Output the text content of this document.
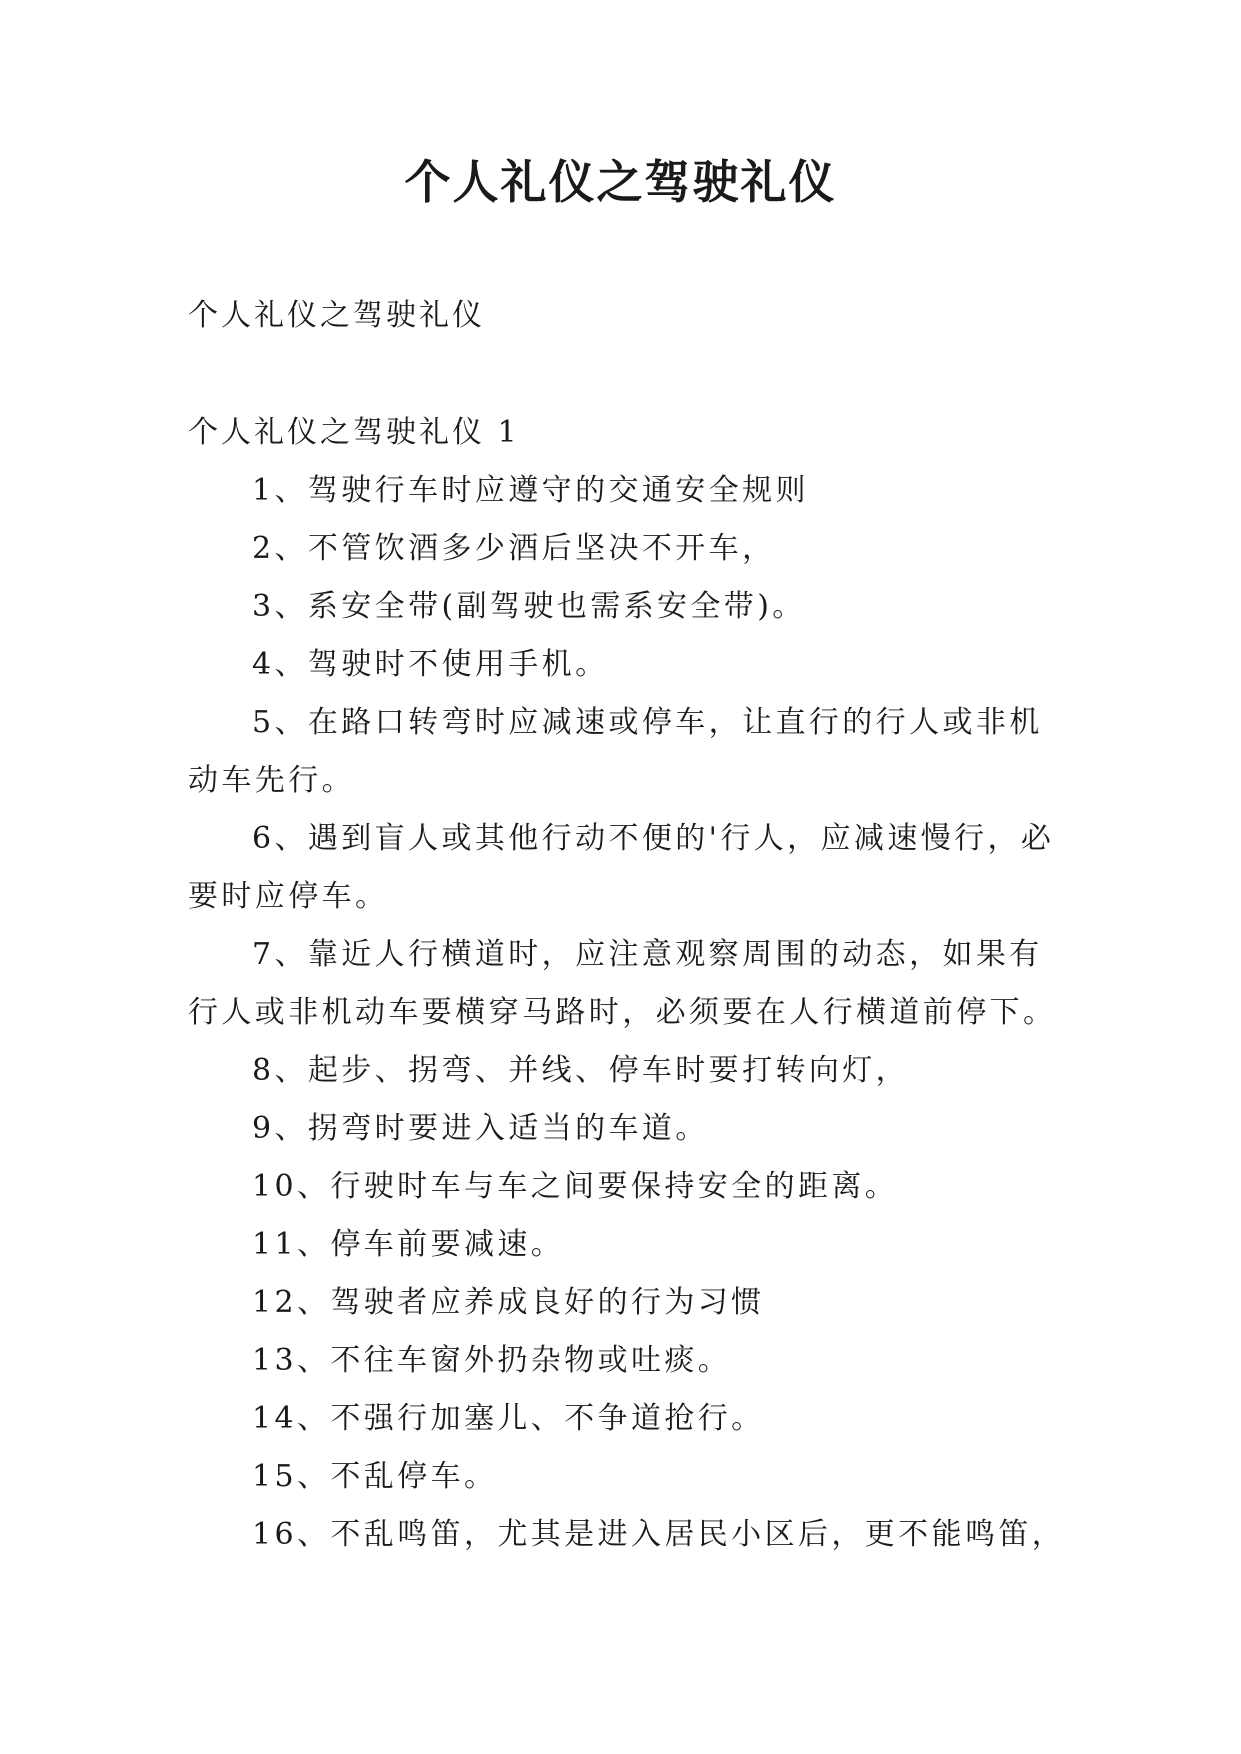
个人礼仪之驾驶礼仪

个人礼仪之驾驶礼仪

个人礼仪之驾驶礼仪 1

1、驾驶行车时应遵守的交通安全规则

2、不管饮酒多少酒后坚决不开车，

3、系安全带(副驾驶也需系安全带)。

4、驾驶时不使用手机。

5、在路口转弯时应减速或停车，让直行的行人或非机动车先行。

6、遇到盲人或其他行动不便的'行人，应减速慢行，必要时应停车。

7、靠近人行横道时，应注意观察周围的动态，如果有行人或非机动车要横穿马路时，必须要在人行横道前停下。

8、起步、拐弯、并线、停车时要打转向灯，

9、拐弯时要进入适当的车道。

10、行驶时车与车之间要保持安全的距离。

11、停车前要减速。

12、驾驶者应养成良好的行为习惯

13、不往车窗外扔杂物或吐痰。

14、不强行加塞儿、不争道抢行。

15、不乱停车。

16、不乱鸣笛，尤其是进入居民小区后，更不能鸣笛，
